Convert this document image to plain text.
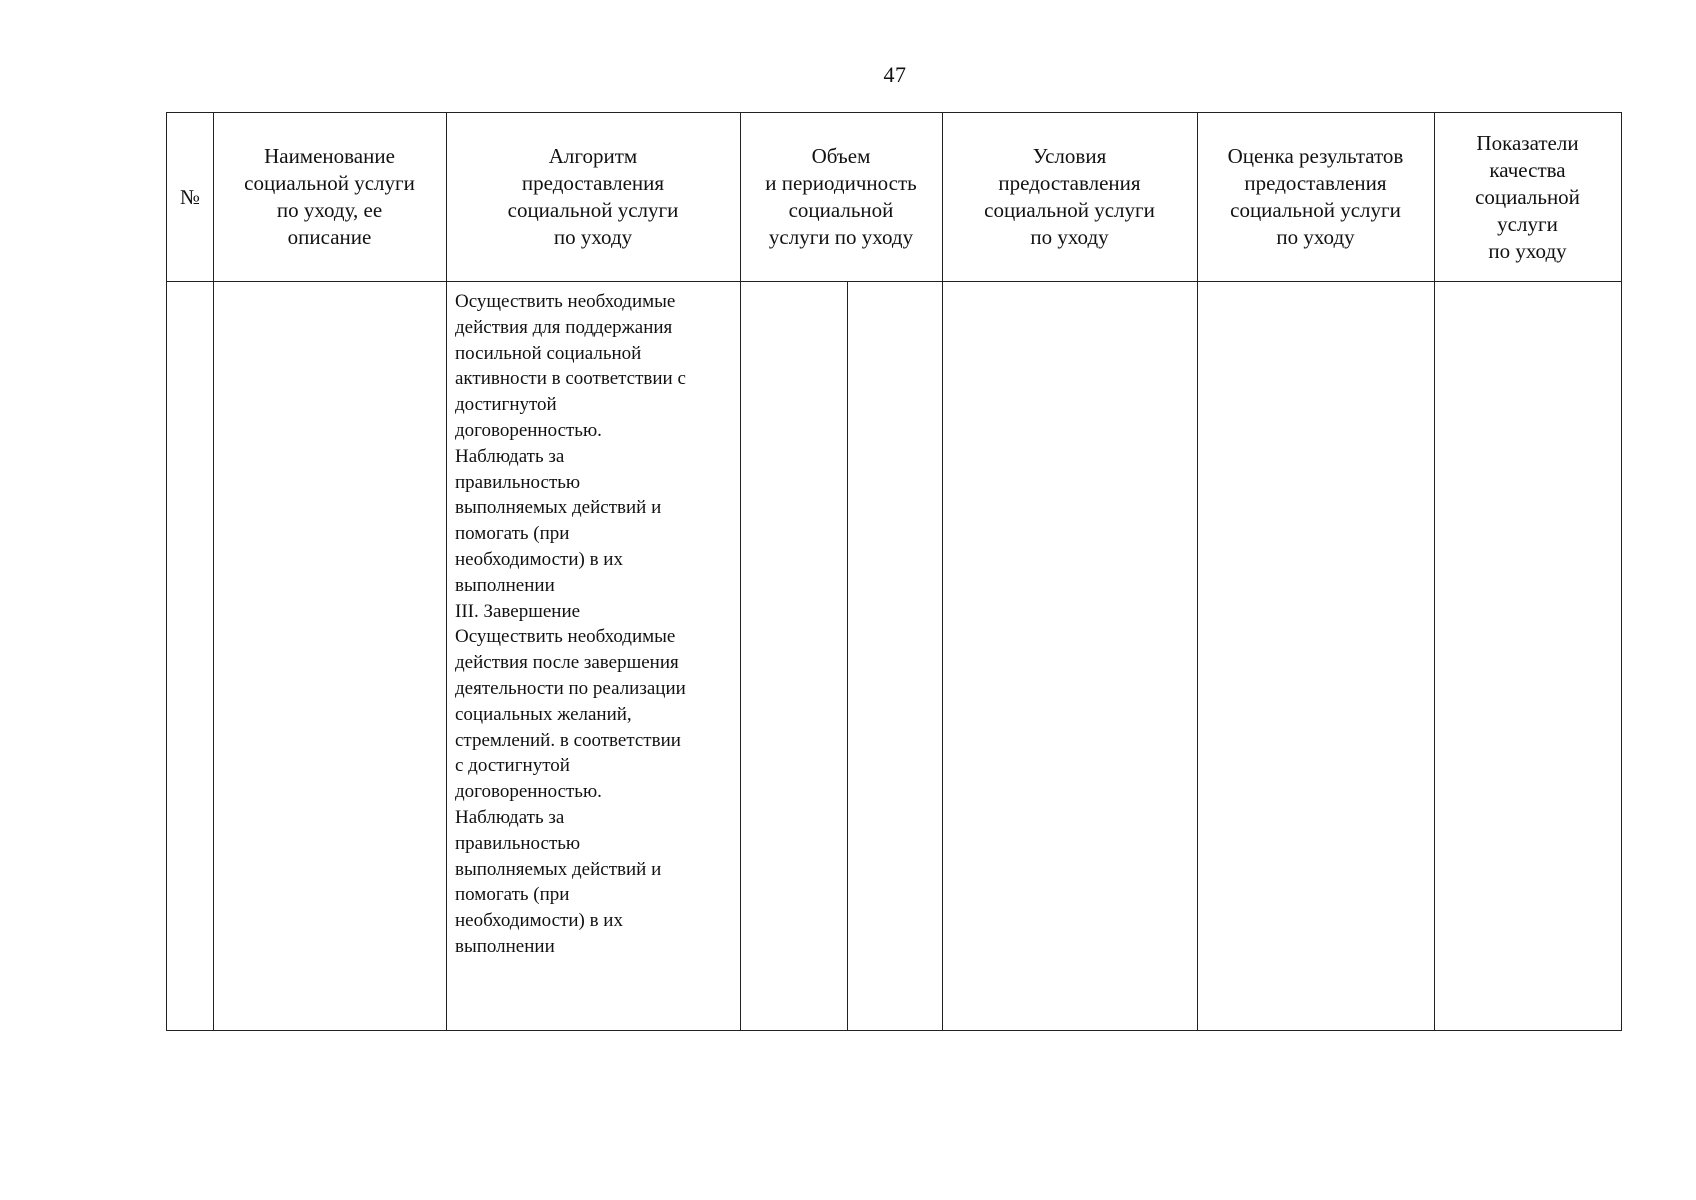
47
№
Наименование
социальной услуги
по уходу, ее
описание
Алгоритм
предоставления
социальной услуги
по уходу
Объем
и периодичность
социальной
услуги по уходу
Условия
предоставления
социальной услуги
по уходу
Оценка результатов
предоставления
социальной услуги
по уходу
Показатели
качества
социальной
услуги
по уходу
Осуществить необходимые
действия для поддержания
посильной социальной
активности в соответствии с
достигнутой
договоренностью.
Наблюдать за
правильностью
выполняемых действий и
помогать (при
необходимости) в их
выполнении
III. Завершение
Осуществить необходимые
действия после завершения
деятельности по реализации
социальных желаний,
стремлений. в соответствии
с достигнутой
договоренностью.
Наблюдать за
правильностью
выполняемых действий и
помогать (при
необходимости) в их
выполнении
